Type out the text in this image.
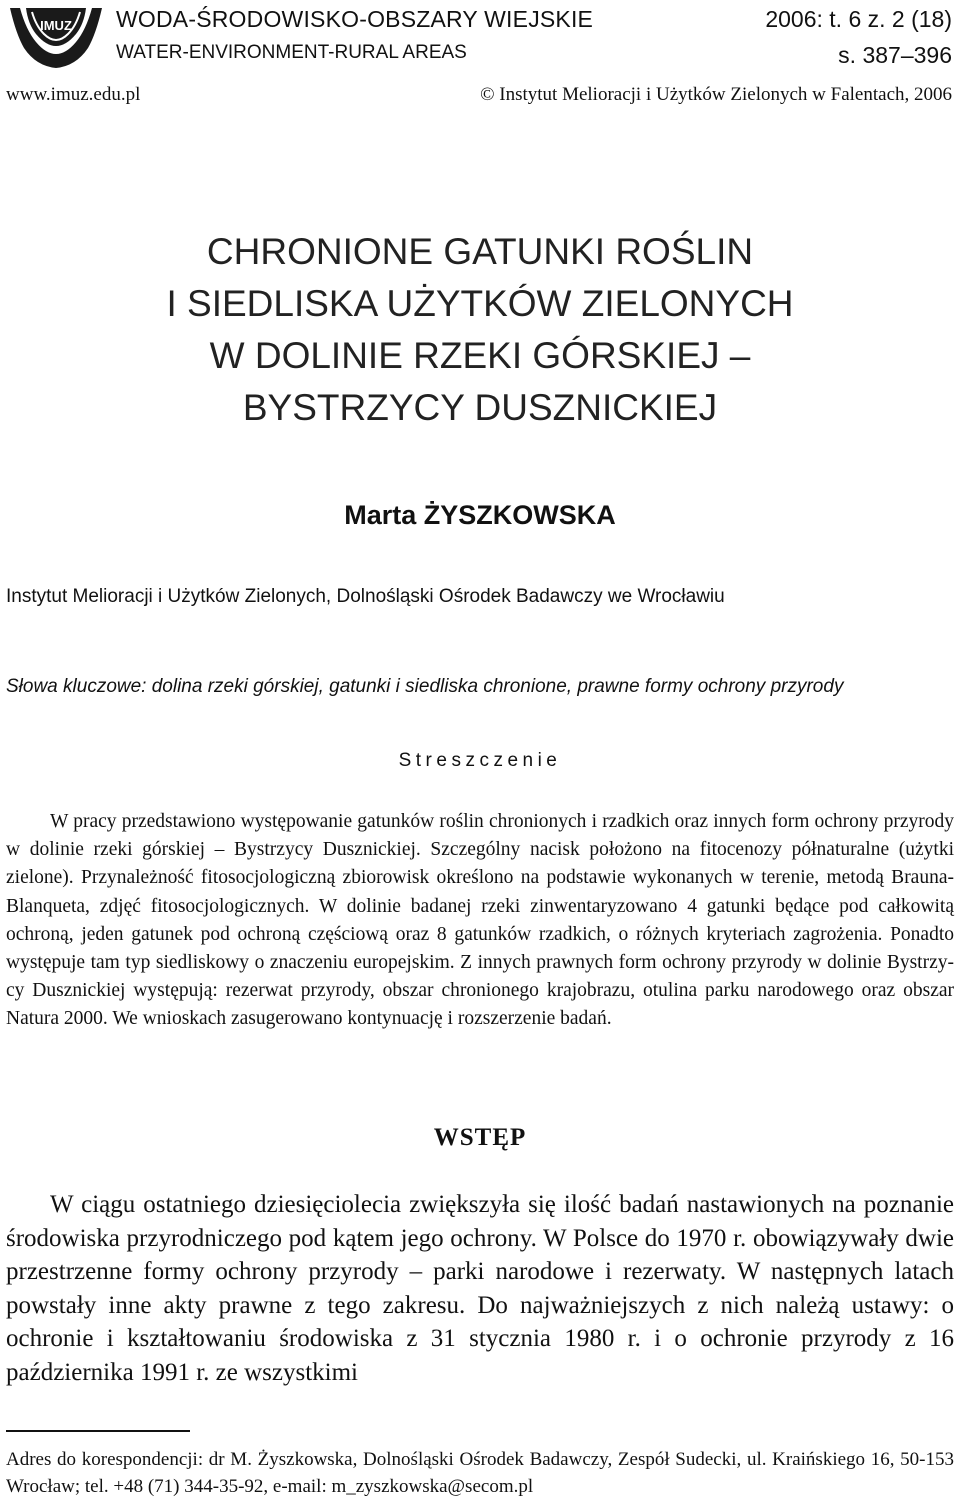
IMUZ WODA-ŚRODOWISKO-OBSZARY WIEJSKIE
WATER-ENVIRONMENT-RURAL AREAS
2006: t. 6 z. 2 (18)
s. 387–396
www.imuz.edu.pl	© Instytut Melioracji i Użytków Zielonych w Falentach, 2006
CHRONIONE GATUNKI ROŚLIN
I SIEDLISKA UŻYTKÓW ZIELONYCH
W DOLINIE RZEKI GÓRSKIEJ –
BYSTRZYCY DUSZNICKIEJ
Marta ŻYSZKOWSKA
Instytut Melioracji i Użytków Zielonych, Dolnośląski Ośrodek Badawczy we Wrocławiu
Słowa kluczowe: dolina rzeki górskiej, gatunki i siedliska chronione, prawne formy ochrony przyrody
Streszczenie
W pracy przedstawiono występowanie gatunków roślin chronionych i rzadkich oraz innych form ochrony przyrody w dolinie rzeki górskiej – Bystrzycy Dusznickiej. Szczególny nacisk położono na fitocenozy półnaturalne (użytki zielone). Przynależność fitosocjologiczną zbiorowisk określono na podstawie wykonanych w terenie, metodą Brauna-Blanqueta, zdjęć fitosocjologicznych. W dolinie badanej rzeki zinwentaryzowano 4 gatunki będące pod całkowitą ochroną, jeden gatunek pod ochroną częściową oraz 8 gatunków rzadkich, o różnych kryteriach zagrożenia. Ponadto występuje tam typ siedliskowy o znaczeniu europejskim. Z innych prawnych form ochrony przyrody w dolinie Bystrzycy Dusznickiej występują: rezerwat przyrody, obszar chronionego krajobrazu, otulina parku narodowego oraz obszar Natura 2000. We wnioskach zasugerowano kontynuację i rozszerzenie badań.
WSTĘP
W ciągu ostatniego dziesięciolecia zwiększyła się ilość badań nastawionych na poznanie środowiska przyrodniczego pod kątem jego ochrony. W Polsce do 1970 r. obowiązywały dwie przestrzenne formy ochrony przyrody – parki narodowe i rezerwaty. W następnych latach powstały inne akty prawne z tego zakresu. Do najważniejszych z nich należą ustawy: o ochronie i kształtowaniu środowiska z 31 stycznia 1980 r. i o ochronie przyrody z 16 października 1991 r. ze wszystkimi
Adres do korespondencji: dr M. Żyszkowska, Dolnośląski Ośrodek Badawczy, Zespół Sudecki, ul. Kraińskiego 16, 50-153 Wrocław; tel. +48 (71) 344-35-92, e-mail: m_zyszkowska@secom.pl
